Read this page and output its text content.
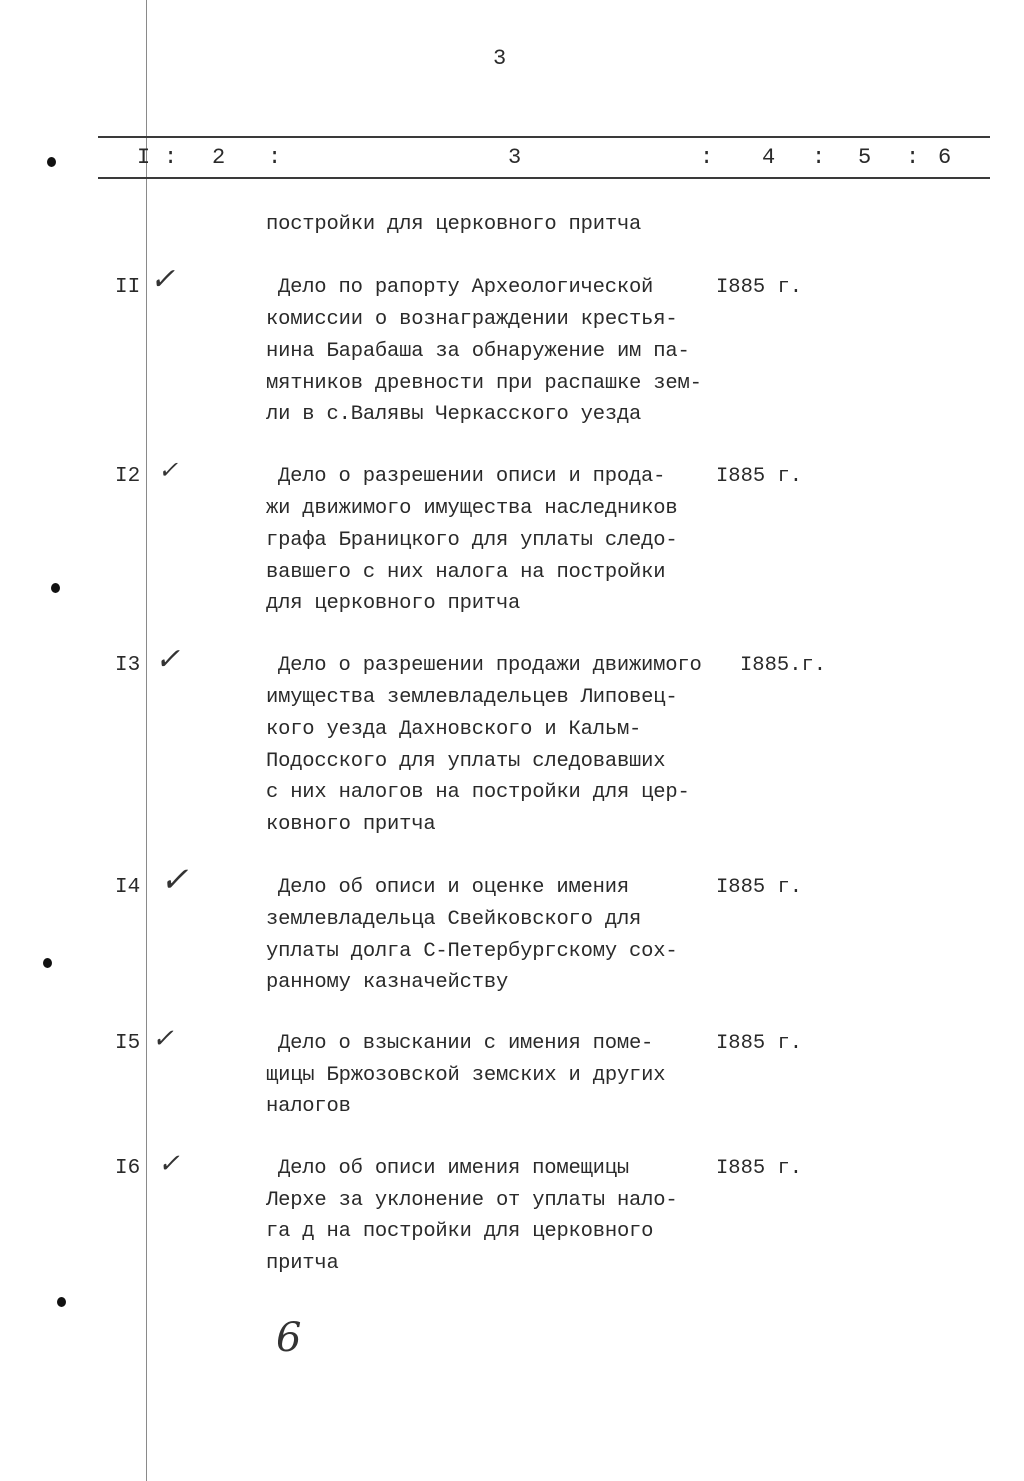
3
I : 2 :	3	: 4 : 5 : 6
постройки для церковного притча
II ✓	Дело по рапорту Археологической
комиссии о вознаграждении крестья-
нина Барабаша за обнаружение им па-
мятников древности при распашке зем-
ли в с.Валявы Черкасского уезда
I885 г.
I2 ✓	Дело о разрешении описи и прода-
жи движимого имущества наследников
графа Браницкого для уплаты следо-
вавшего с них налога на постройки
для церковного притча
I885 г.
I3 ✓	Дело о разрешении продажи движимого
имущества землевладельцев Липовец-
кого уезда Дахновского и Кальм-
Подосского для уплаты следовавших
с них налогов на постройки для цер-
ковного притча
I885.г.
I4 ✓	Дело об описи и оценке имения
землевладельца Свейковского для
уплаты долга С-Петербургскому сох-
ранному казначейству
I885 г.
I5 ✓	Дело о взыскании с имения поме-
щицы Бржозовской земских и других
налогов
I885 г.
I6 ✓	Дело об описи имения помещицы
Лерхе за уклонение от уплаты нало-
га д на постройки для церковного
притча
I885 г.
6
